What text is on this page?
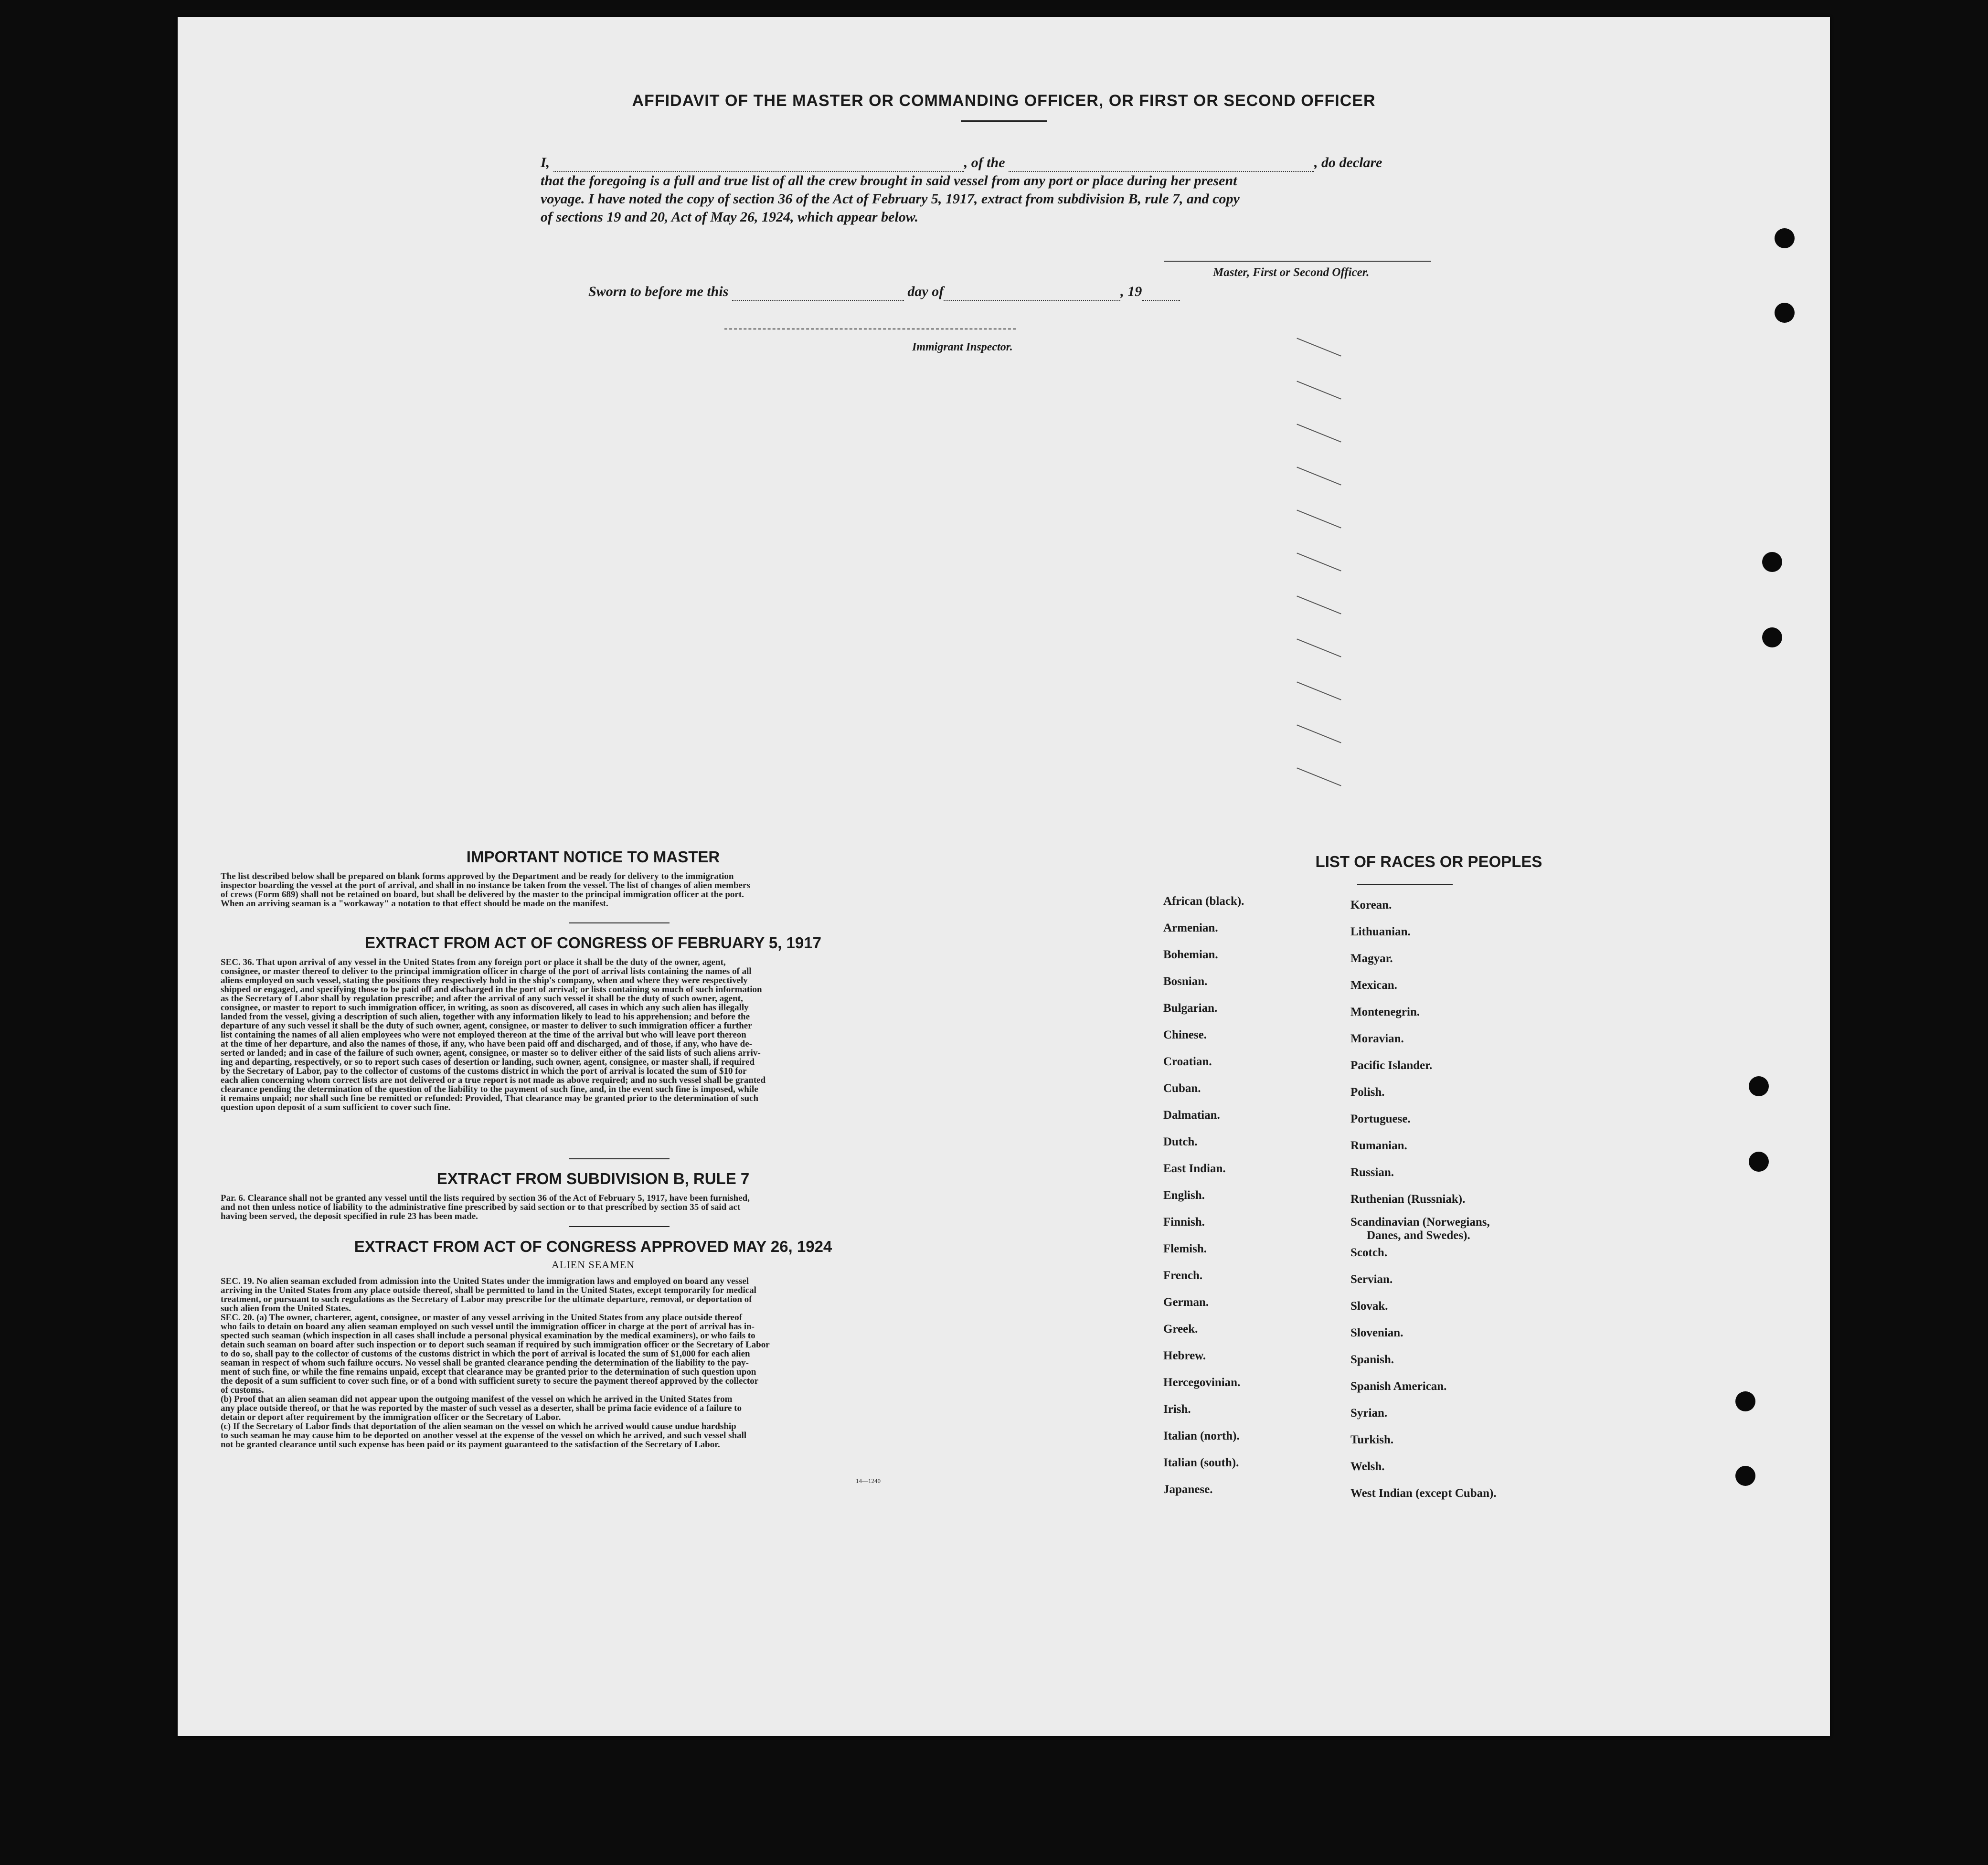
AFFIDAVIT OF THE MASTER OR COMMANDING OFFICER, OR FIRST OR SECOND OFFICER
I,	, of the	, do declare
that the foregoing is a full and true list of all the crew brought in said vessel from any port or place during her present
voyage. I have noted the copy of section 36 of the Act of February 5, 1917, extract from subdivision B, rule 7, and copy
of sections 19 and 20, Act of May 26, 1924, which appear below.
Master, First or Second Officer.
Sworn to before me this	day of	, 19
Immigrant Inspector.
IMPORTANT NOTICE TO MASTER
The list described below shall be prepared on blank forms approved by the Department and be ready for delivery to the immigration
inspector boarding the vessel at the port of arrival, and shall in no instance be taken from the vessel. The list of changes of alien members
of crews (Form 689) shall not be retained on board, but shall be delivered by the master to the principal immigration officer at the port.
When an arriving seaman is a "workaway" a notation to that effect should be made on the manifest.
EXTRACT FROM ACT OF CONGRESS OF FEBRUARY 5, 1917
SEC. 36. That upon arrival of any vessel in the United States from any foreign port or place it shall be the duty of the owner, agent,
consignee, or master thereof to deliver to the principal immigration officer in charge of the port of arrival lists containing the names of all
aliens employed on such vessel, stating the positions they respectively hold in the ship's company, when and where they were respectively
shipped or engaged, and specifying those to be paid off and discharged in the port of arrival; or lists containing so much of such information
as the Secretary of Labor shall by regulation prescribe; and after the arrival of any such vessel it shall be the duty of such owner, agent,
consignee, or master to report to such immigration officer, in writing, as soon as discovered, all cases in which any such alien has illegally
landed from the vessel, giving a description of such alien, together with any information likely to lead to his apprehension; and before the
departure of any such vessel it shall be the duty of such owner, agent, consignee, or master to deliver to such immigration officer a further
list containing the names of all alien employees who were not employed thereon at the time of the arrival but who will leave port thereon
at the time of her departure, and also the names of those, if any, who have been paid off and discharged, and of those, if any, who have de-
serted or landed; and in case of the failure of such owner, agent, consignee, or master so to deliver either of the said lists of such aliens arriv-
ing and departing, respectively, or so to report such cases of desertion or landing, such owner, agent, consignee, or master shall, if required
by the Secretary of Labor, pay to the collector of customs of the customs district in which the port of arrival is located the sum of $10 for
each alien concerning whom correct lists are not delivered or a true report is not made as above required; and no such vessel shall be granted
clearance pending the determination of the question of the liability to the payment of such fine, and, in the event such fine is imposed, while
it remains unpaid; nor shall such fine be remitted or refunded: Provided, That clearance may be granted prior to the determination of such
question upon deposit of a sum sufficient to cover such fine.
EXTRACT FROM SUBDIVISION B, RULE 7
Par. 6. Clearance shall not be granted any vessel until the lists required by section 36 of the Act of February 5, 1917, have been furnished,
and not then unless notice of liability to the administrative fine prescribed by said section or to that prescribed by section 35 of said act
having been served, the deposit specified in rule 23 has been made.
EXTRACT FROM ACT OF CONGRESS APPROVED MAY 26, 1924
ALIEN SEAMEN
SEC. 19. No alien seaman excluded from admission into the United States under the immigration laws and employed on board any vessel
arriving in the United States from any place outside thereof, shall be permitted to land in the United States, except temporarily for medical
treatment, or pursuant to such regulations as the Secretary of Labor may prescribe for the ultimate departure, removal, or deportation of
such alien from the United States.
SEC. 20. (a) The owner, charterer, agent, consignee, or master of any vessel arriving in the United States from any place outside thereof
who fails to detain on board any alien seaman employed on such vessel until the immigration officer in charge at the port of arrival has in-
spected such seaman (which inspection in all cases shall include a personal physical examination by the medical examiners), or who fails to
detain such seaman on board after such inspection or to deport such seaman if required by such immigration officer or the Secretary of Labor
to do so, shall pay to the collector of customs of the customs district in which the port of arrival is located the sum of $1,000 for each alien
seaman in respect of whom such failure occurs. No vessel shall be granted clearance pending the determination of the liability to the pay-
ment of such fine, or while the fine remains unpaid, except that clearance may be granted prior to the determination of such question upon
the deposit of a sum sufficient to cover such fine, or of a bond with sufficient surety to secure the payment thereof approved by the collector
of customs.
(b) Proof that an alien seaman did not appear upon the outgoing manifest of the vessel on which he arrived in the United States from
any place outside thereof, or that he was reported by the master of such vessel as a deserter, shall be prima facie evidence of a failure to
detain or deport after requirement by the immigration officer or the Secretary of Labor.
(c) If the Secretary of Labor finds that deportation of the alien seaman on the vessel on which he arrived would cause undue hardship
to such seaman he may cause him to be deported on another vessel at the expense of the vessel on which he arrived, and such vessel shall
not be granted clearance until such expense has been paid or its payment guaranteed to the satisfaction of the Secretary of Labor.
14—1240
LIST OF RACES OR PEOPLES
African (black).
Armenian.
Bohemian.
Bosnian.
Bulgarian.
Chinese.
Croatian.
Cuban.
Dalmatian.
Dutch.
East Indian.
English.
Finnish.
Flemish.
French.
German.
Greek.
Hebrew.
Hercegovinian.
Irish.
Italian (north).
Italian (south).
Japanese.
Korean.
Lithuanian.
Magyar.
Mexican.
Montenegrin.
Moravian.
Pacific Islander.
Polish.
Portuguese.
Rumanian.
Russian.
Ruthenian (Russniak).
Scandinavian (Norwegians,
Danes, and Swedes).
Scotch.
Servian.
Slovak.
Slovenian.
Spanish.
Spanish American.
Syrian.
Turkish.
Welsh.
West Indian (except Cuban).
